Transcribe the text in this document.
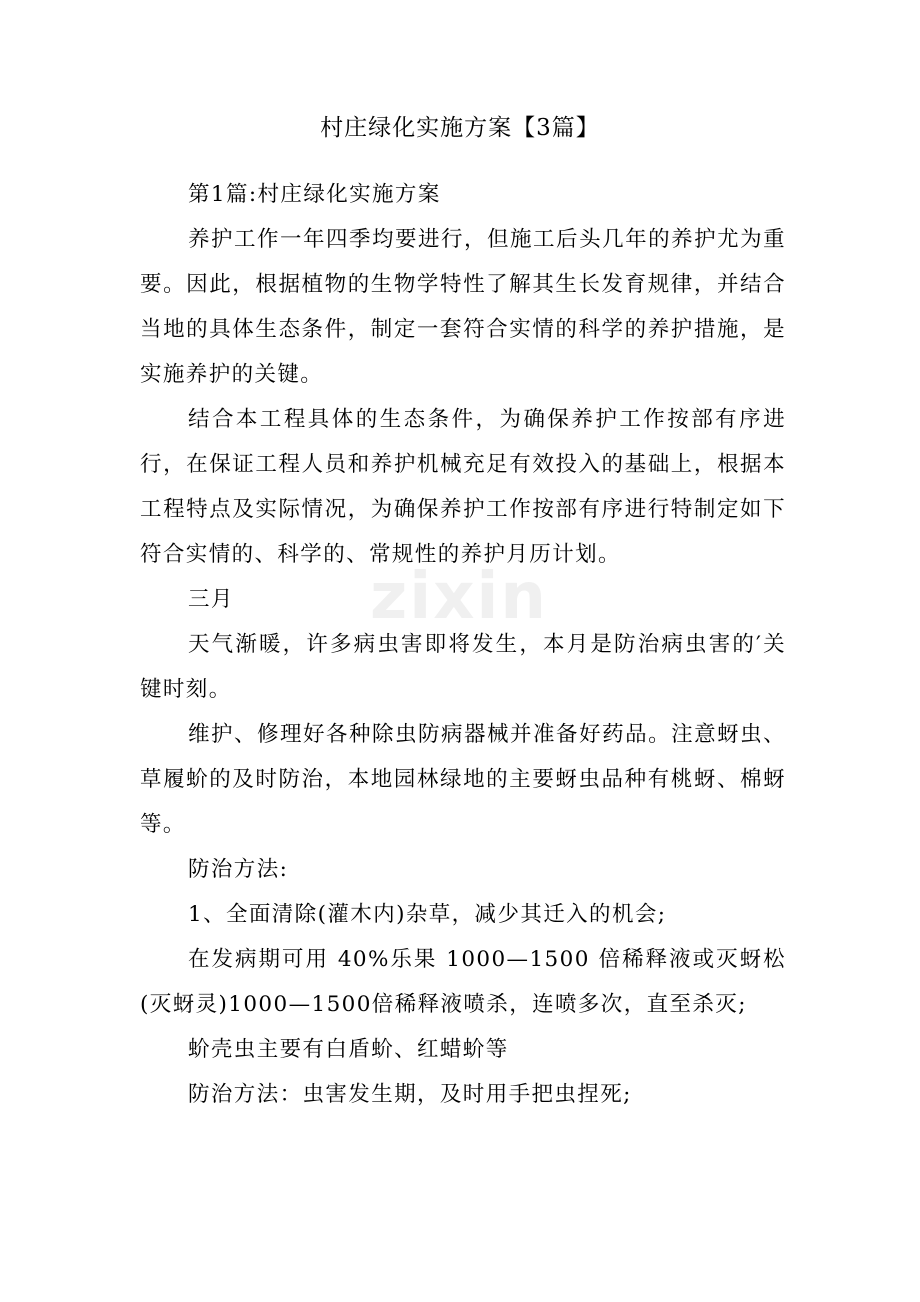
zixin
村庄绿化实施方案【3篇】

第1篇:村庄绿化实施方案

养护工作一年四季均要进行，但施工后头几年的养护尤为重要。因此，根据植物的生物学特性了解其生长发育规律，并结合当地的具体生态条件，制定一套符合实情的科学的养护措施，是实施养护的关键。

结合本工程具体的生态条件，为确保养护工作按部有序进行，在保证工程人员和养护机械充足有效投入的基础上，根据本工程特点及实际情况，为确保养护工作按部有序进行特制定如下符合实情的、科学的、常规性的养护月历计划。

三月

天气渐暖，许多病虫害即将发生，本月是防治病虫害的′关键时刻。

维护、修理好各种除虫防病器械并准备好药品。注意蚜虫、草履蚧的及时防治，本地园林绿地的主要蚜虫品种有桃蚜、棉蚜等。

防治方法:

1、全面清除(灌木内)杂草，减少其迁入的机会;

在发病期可用 40%乐果 1000—1500 倍稀释液或灭蚜松(灭蚜灵)1000—1500倍稀释液喷杀，连喷多次，直至杀灭;

蚧壳虫主要有白盾蚧、红蜡蚧等

防治方法：虫害发生期，及时用手把虫捏死;
